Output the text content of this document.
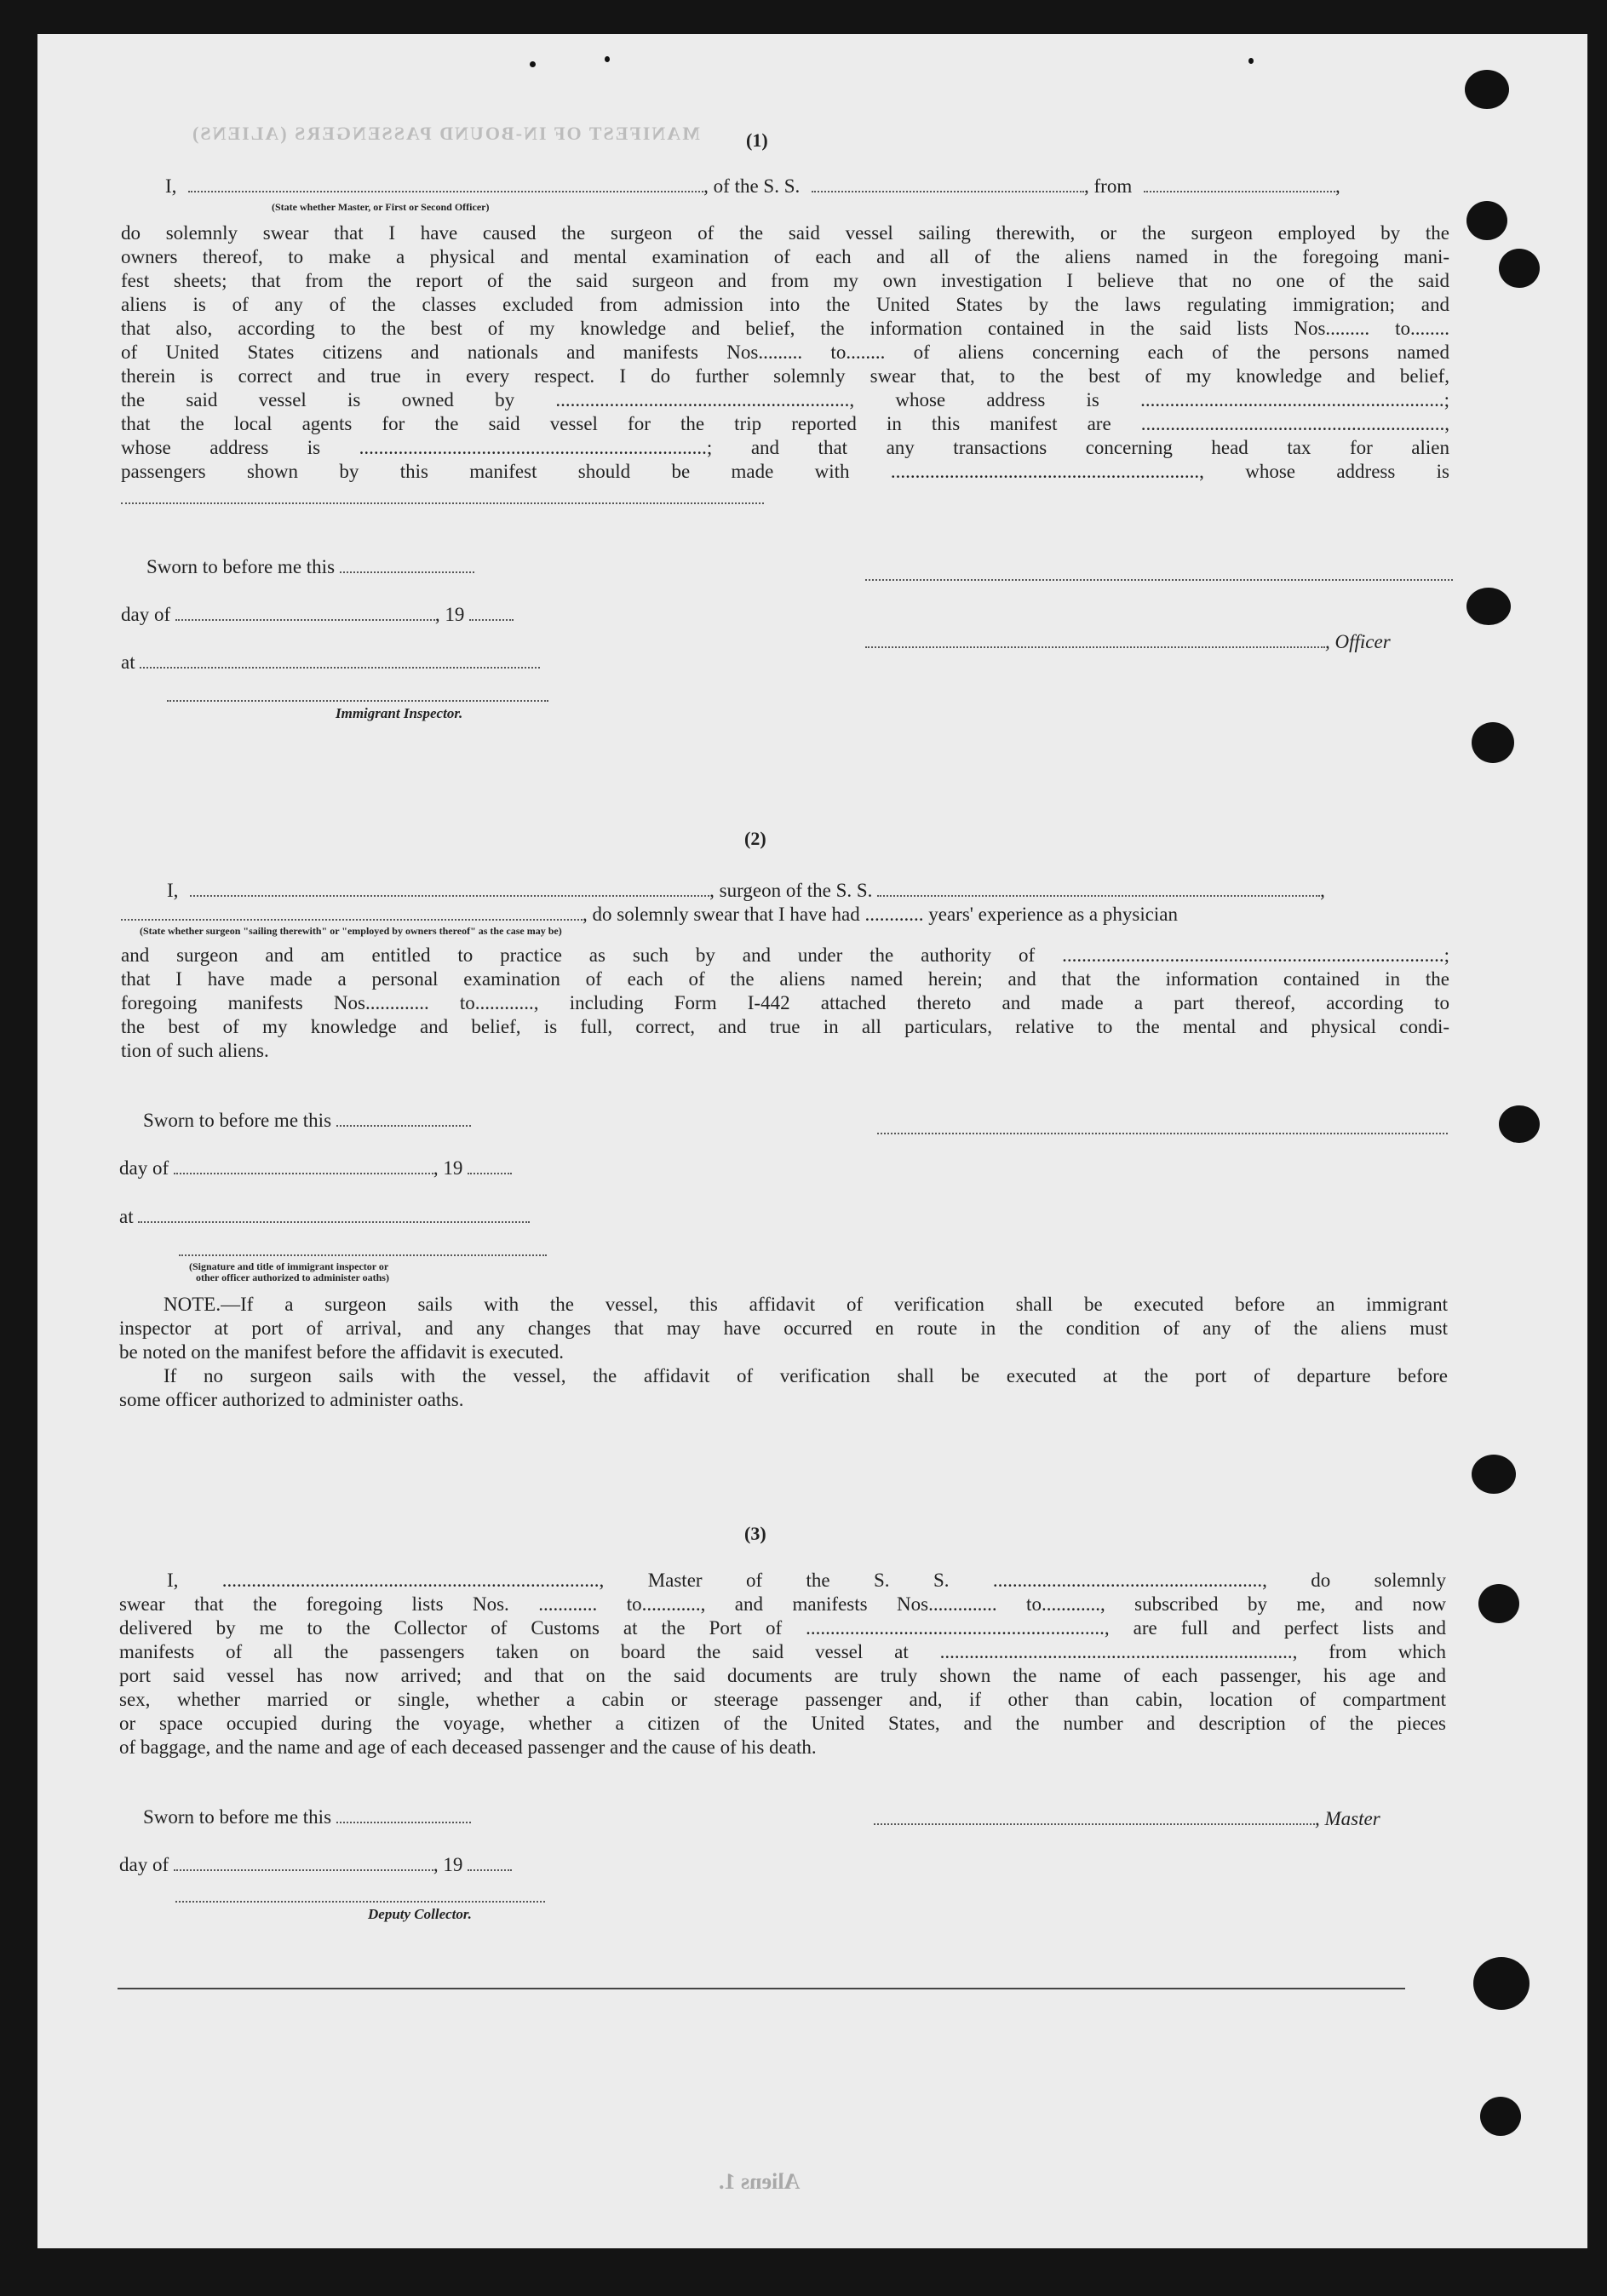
MANIFEST OF IN-BOUND PASSENGERS (ALIENS)
Aliens 1.
(1)
I,	, of the S. S.	, from	,
(State whether Master, or First or Second Officer)
do solemnly swear that I have caused the surgeon of the said vessel sailing therewith, or the surgeon employed by the
owners thereof, to make a physical and mental examination of each and all of the aliens named in the foregoing mani-
fest sheets; that from the report of the said surgeon and from my own investigation I believe that no one of the said
aliens is of any of the classes excluded from admission into the United States by the laws regulating immigration; and
that also, according to the best of my knowledge and belief, the information contained in the said lists Nos......... to........
of United States citizens and nationals and manifests Nos......... to........ of aliens concerning each of the persons named
therein is correct and true in every respect. I do further solemnly swear that, to the best of my knowledge and belief,
the said vessel is owned by ............................................................, whose address is ..............................................................;
that the local agents for the said vessel for the trip reported in this manifest are ..............................................................,
whose address is .......................................................................; and that any transactions concerning head tax for alien
passengers shown by this manifest should be made with ..............................................................., whose address is
Sworn to before me this
day of	, 19
, Officer
at
Immigrant Inspector.
(2)
I,	, surgeon of the S. S.	,
, do solemnly swear that I have had ............ years' experience as a physician
(State whether surgeon "sailing therewith" or "employed by owners thereof" as the case may be)
and surgeon and am entitled to practice as such by and under the authority of ..............................................................................;
that I have made a personal examination of each of the aliens named herein; and that the information contained in the
foregoing manifests Nos............. to............, including Form I-442 attached thereto and made a part thereof, according to
the best of my knowledge and belief, is full, correct, and true in all particulars, relative to the mental and physical condi-
tion of such aliens.
Sworn to before me this
day of	, 19
at
(Signature and title of immigrant inspector or
other officer authorized to administer oaths)
NOTE.—If a surgeon sails with the vessel, this affidavit of verification shall be executed before an immigrant
inspector at port of arrival, and any changes that may have occurred en route in the condition of any of the aliens must
be noted on the manifest before the affidavit is executed.
If no surgeon sails with the vessel, the affidavit of verification shall be executed at the port of departure before
some officer authorized to administer oaths.
(3)
I, ............................................................................., Master of the S. S. ......................................................., do solemnly
swear that the foregoing lists Nos. ............ to............, and manifests Nos.............. to............, subscribed by me, and now
delivered by me to the Collector of Customs at the Port of ............................................................., are full and perfect lists and
manifests of all the passengers taken on board the said vessel at ........................................................................, from which
port said vessel has now arrived; and that on the said documents are truly shown the name of each passenger, his age and
sex, whether married or single, whether a cabin or steerage passenger and, if other than cabin, location of compartment
or space occupied during the voyage, whether a citizen of the United States, and the number and description of the pieces
of baggage, and the name and age of each deceased passenger and the cause of his death.
Sworn to before me this	, Master
day of	, 19
Deputy Collector.
